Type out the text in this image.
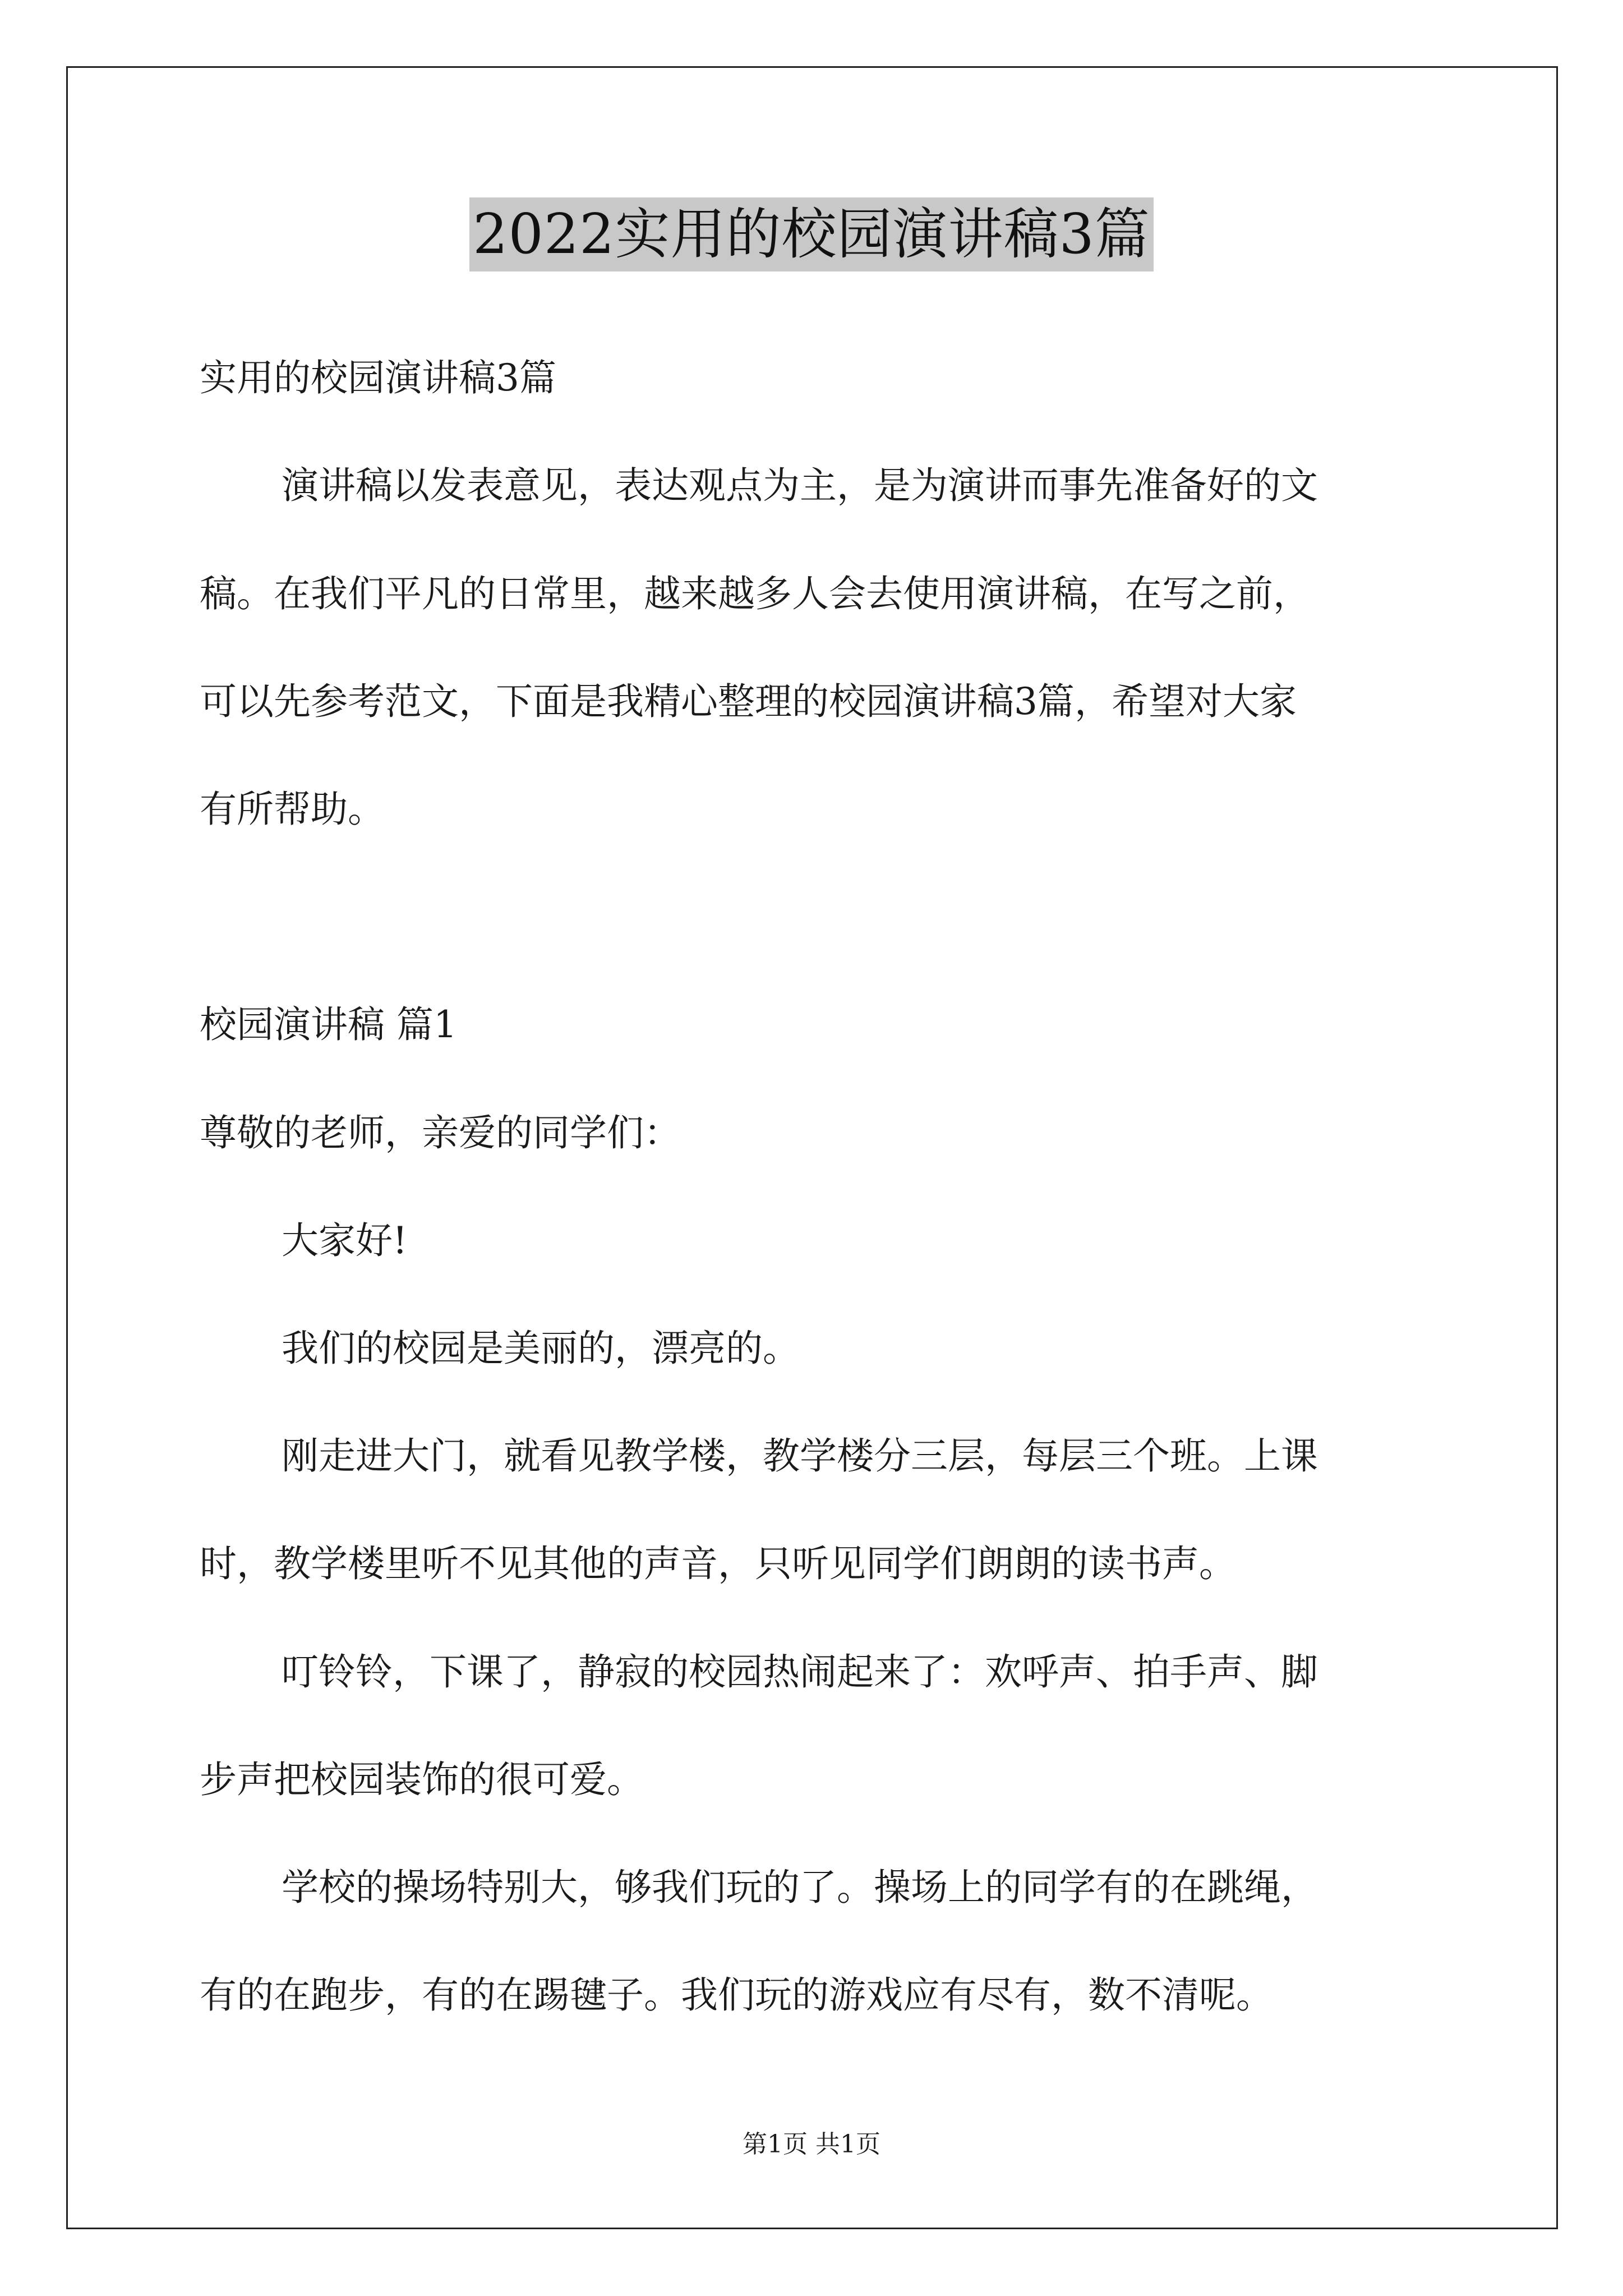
2022实用的校园演讲稿3篇
实用的校园演讲稿3篇
演讲稿以发表意见，表达观点为主，是为演讲而事先准备好的文
稿。在我们平凡的日常里，越来越多人会去使用演讲稿，在写之前，
可以先参考范文，下面是我精心整理的校园演讲稿3篇，希望对大家
有所帮助。
校园演讲稿 篇1
尊敬的老师，亲爱的同学们：
大家好!
我们的校园是美丽的，漂亮的。
刚走进大门，就看见教学楼，教学楼分三层，每层三个班。上课
时，教学楼里听不见其他的声音，只听见同学们朗朗的读书声。
叮铃铃，下课了，静寂的校园热闹起来了：欢呼声、拍手声、脚
步声把校园装饰的很可爱。
学校的操场特别大，够我们玩的了。操场上的同学有的在跳绳，
有的在跑步，有的在踢毽子。我们玩的游戏应有尽有，数不清呢。
第1页 共1页
